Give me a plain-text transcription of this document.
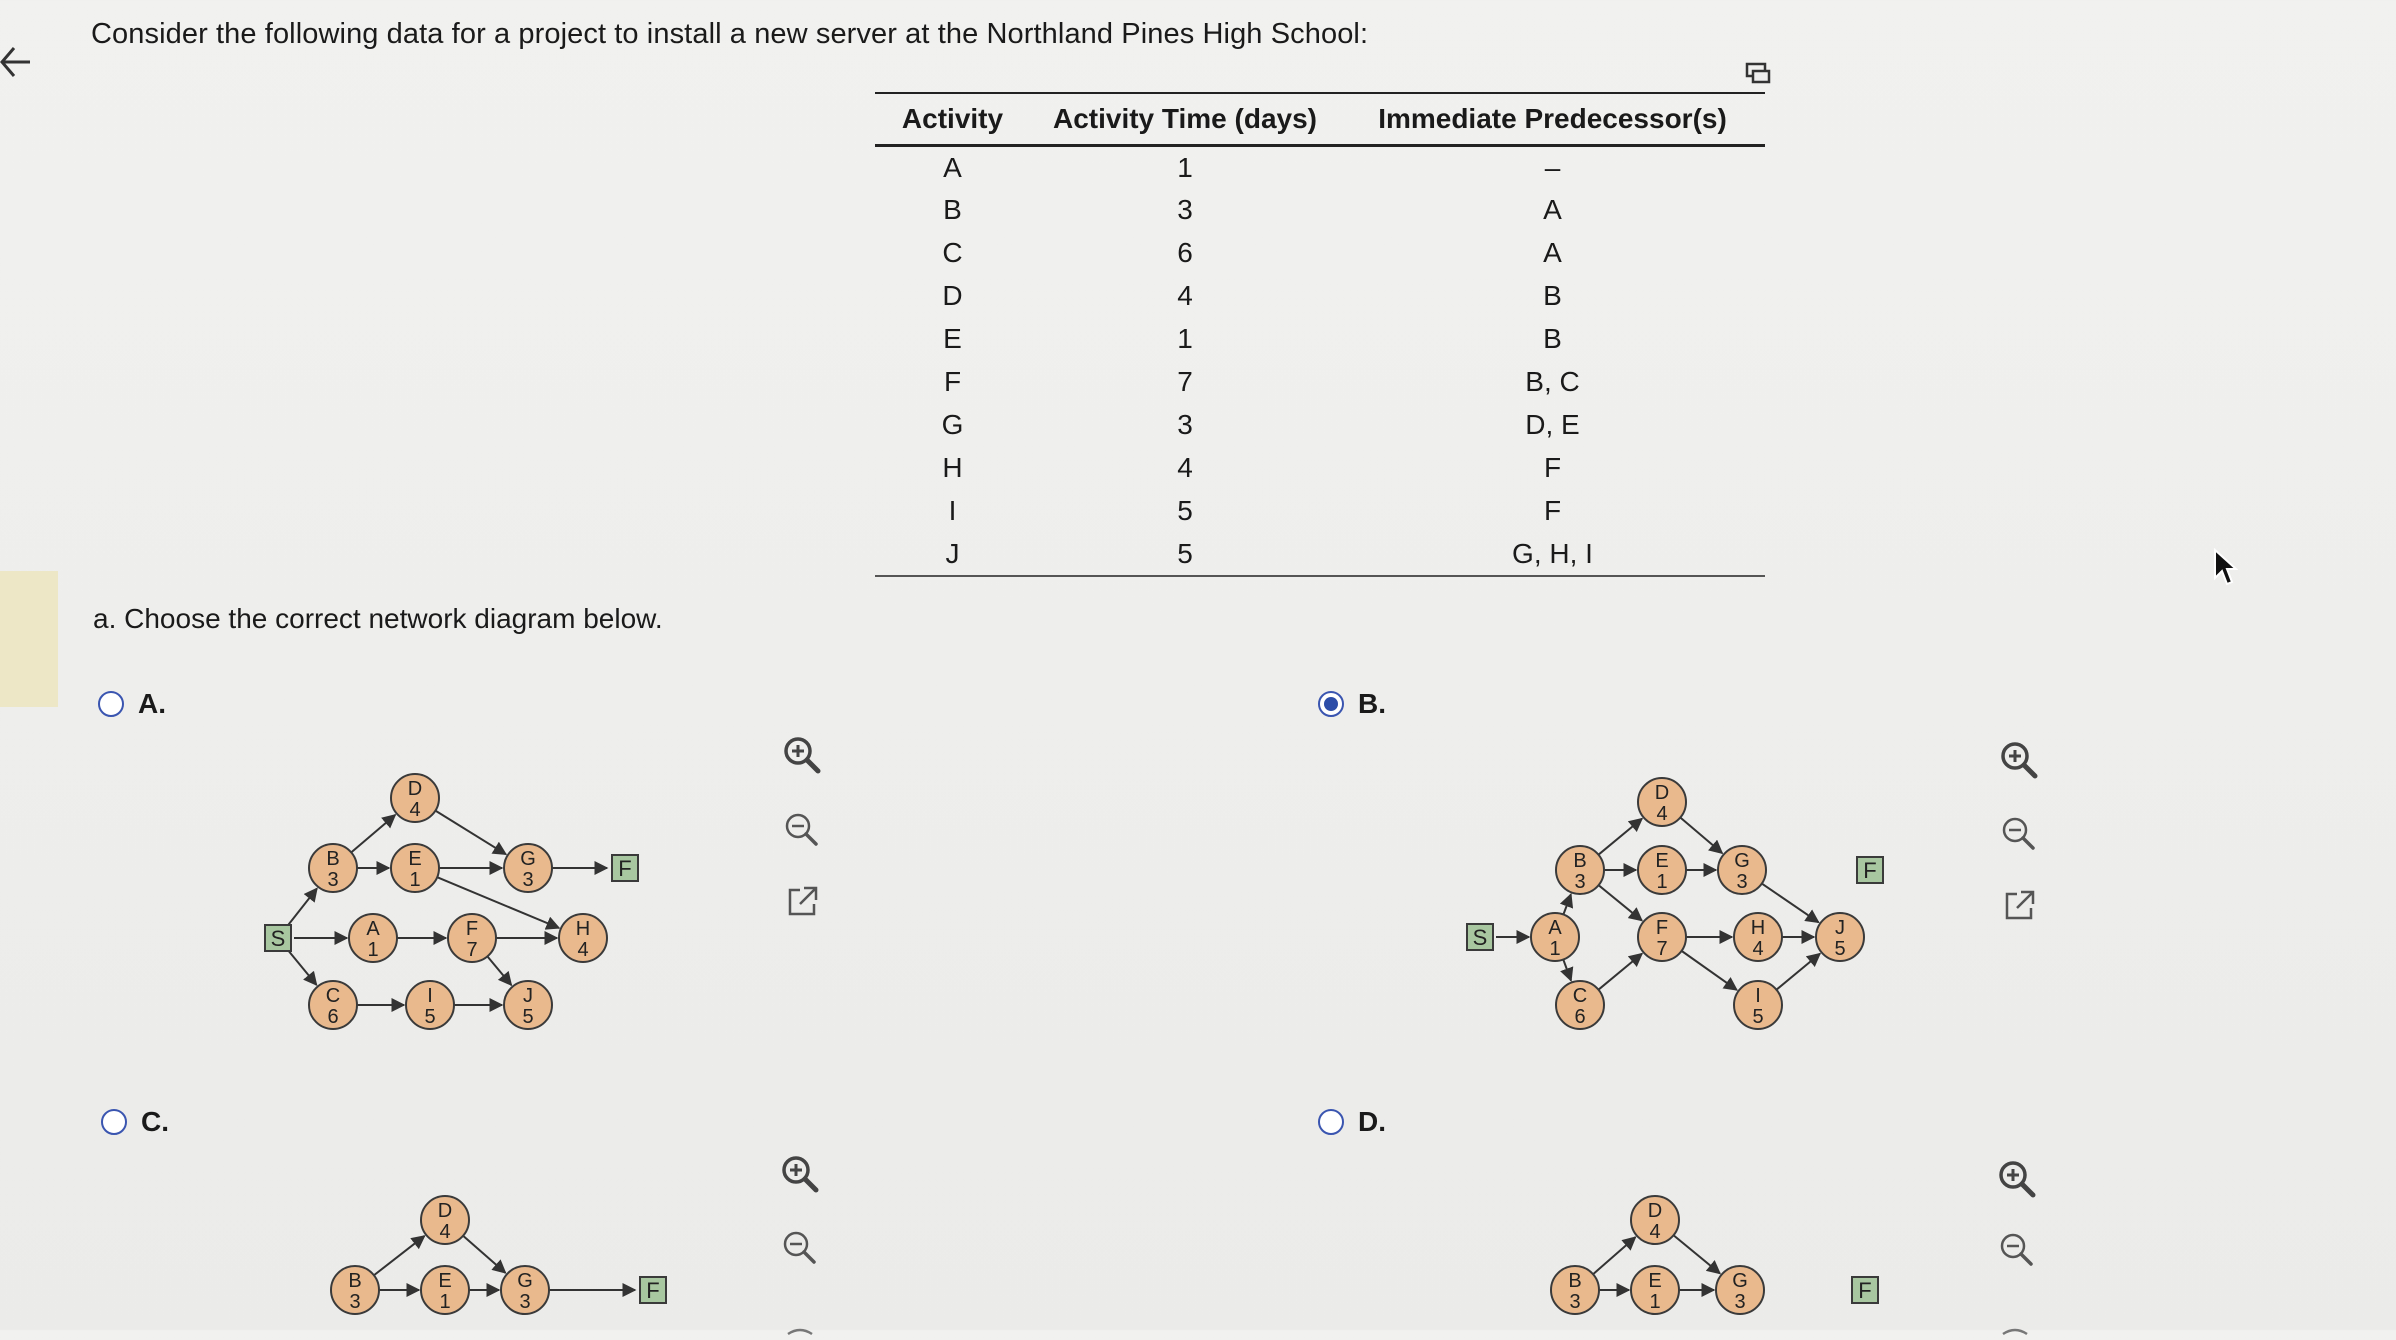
Consider the following data for a project to install a new server at the Northland Pines High School:
Activity	Activity Time (days)	Immediate Predecessor(s)
A	1	–
B	3	A
C	6	A
D	4	B
E	1	B
F	7	B, C
G	3	D, E
H	4	F
I	5	F
J	5	G, H, I
a. Choose the correct network diagram below.
A.	B.
C.	D.
S
B
3
D
4
E
1
A
1
F
7
C
6
I
5
G
3
J
5
H
4
F
S	A
1
B
3
C
6
D
4
E
1
F
7
G
3
H
4
I
5
J
5
F
D
4
B
3
E
1
G
3	F
D
4
B
3
E
1
G
3	F
